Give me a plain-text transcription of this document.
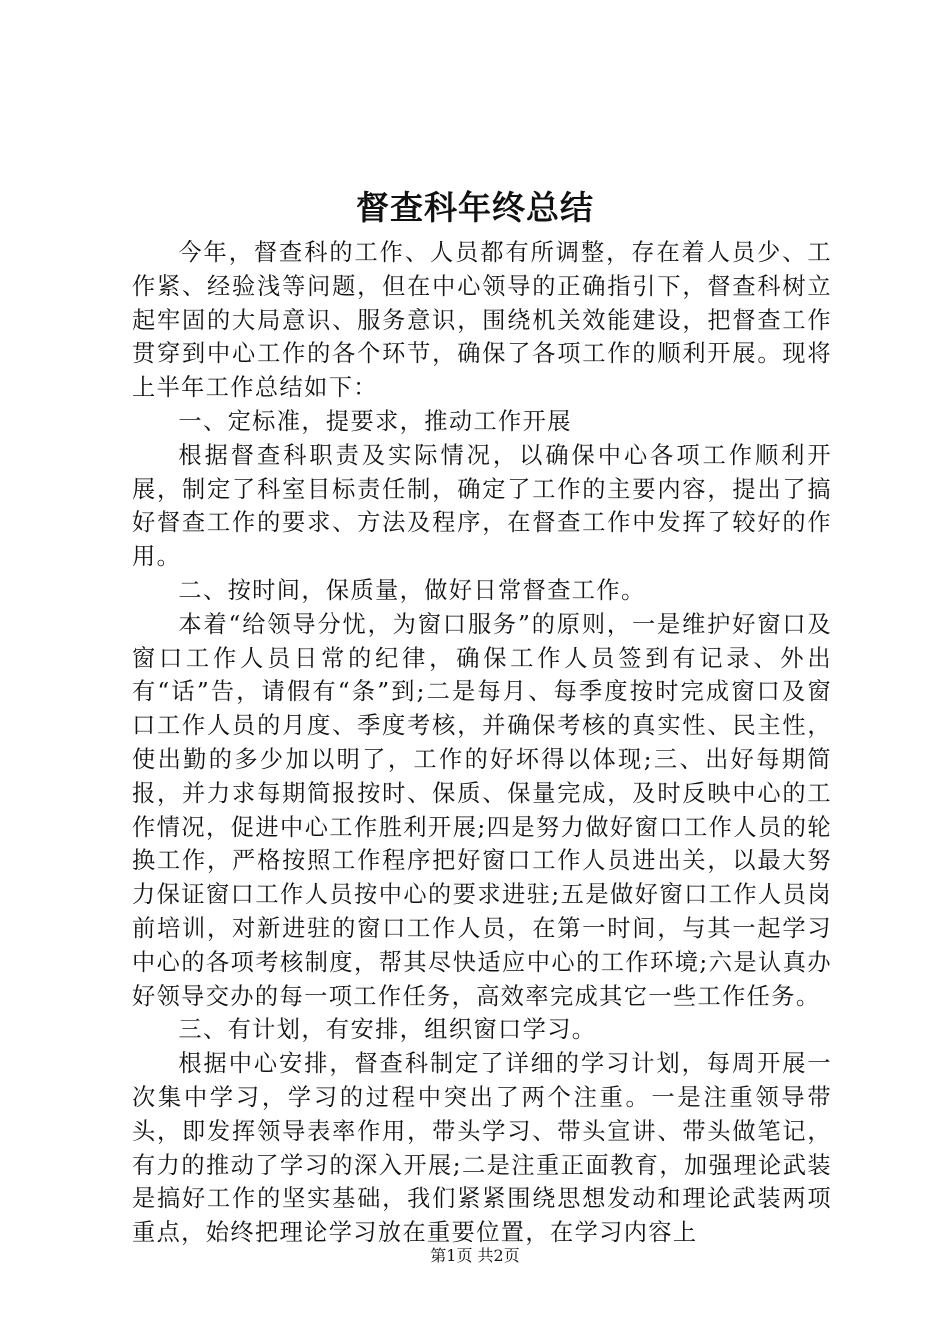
督查科年终总结

今年，督查科的工作、人员都有所调整，存在着人员少、工作紧、经验浅等问题，但在中心领导的正确指引下，督查科树立起牢固的大局意识、服务意识，围绕机关效能建设，把督查工作贯穿到中心工作的各个环节，确保了各项工作的顺利开展。现将上半年工作总结如下：

一、定标准，提要求，推动工作开展

根据督查科职责及实际情况，以确保中心各项工作顺利开展，制定了科室目标责任制，确定了工作的主要内容，提出了搞好督查工作的要求、方法及程序，在督查工作中发挥了较好的作用。

二、按时间，保质量，做好日常督查工作。

本着“给领导分忧，为窗口服务”的原则，一是维护好窗口及窗口工作人员日常的纪律，确保工作人员签到有记录、外出有“话”告，请假有“条”到;二是每月、每季度按时完成窗口及窗口工作人员的月度、季度考核，并确保考核的真实性、民主性，使出勤的多少加以明了，工作的好坏得以体现;三、出好每期简报，并力求每期简报按时、保质、保量完成，及时反映中心的工作情况，促进中心工作胜利开展;四是努力做好窗口工作人员的轮换工作，严格按照工作程序把好窗口工作人员进出关，以最大努力保证窗口工作人员按中心的要求进驻;五是做好窗口工作人员岗前培训，对新进驻的窗口工作人员，在第一时间，与其一起学习中心的各项考核制度，帮其尽快适应中心的工作环境;六是认真办好领导交办的每一项工作任务，高效率完成其它一些工作任务。

三、有计划，有安排，组织窗口学习。

根据中心安排，督查科制定了详细的学习计划，每周开展一次集中学习，学习的过程中突出了两个注重。一是注重领导带头，即发挥领导表率作用，带头学习、带头宣讲、带头做笔记，有力的推动了学习的深入开展;二是注重正面教育，加强理论武装是搞好工作的坚实基础，我们紧紧围绕思想发动和理论武装两项重点，始终把理论学习放在重要位置，在学习内容上

第1页 共2页
